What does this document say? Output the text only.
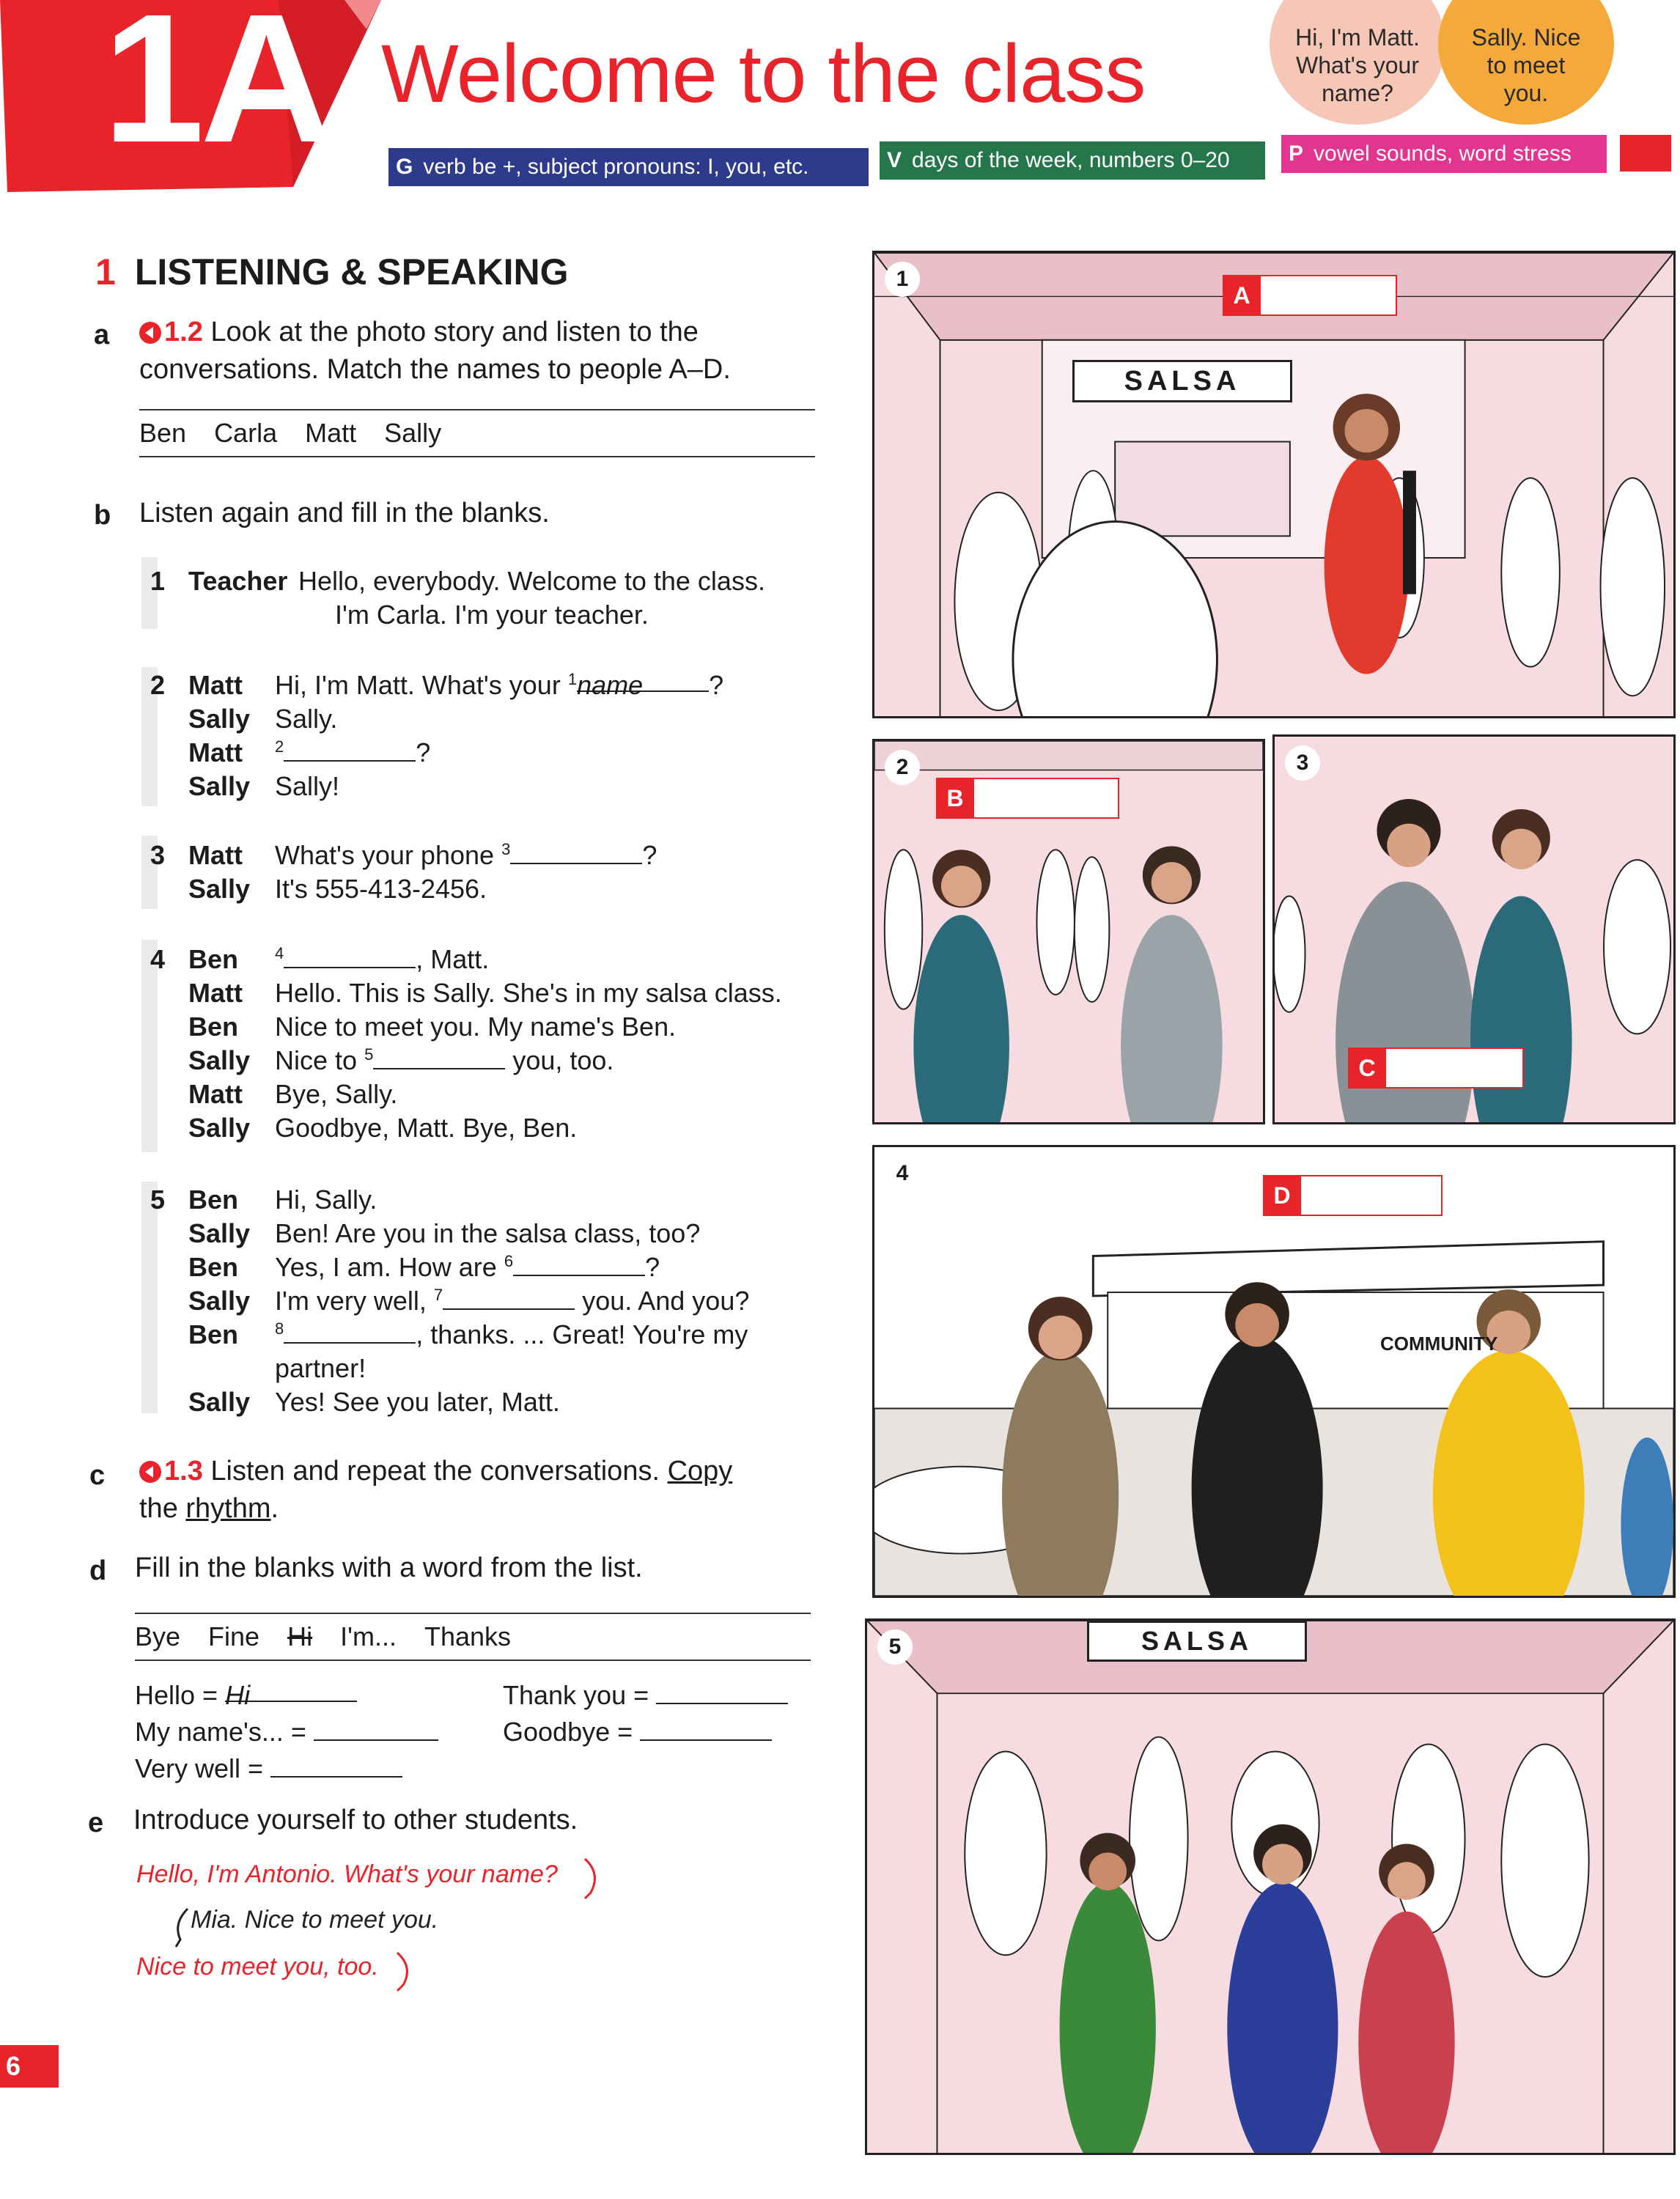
1A Welcome to the class	Hi, I'm Matt. What's your name?
Sally. Nice to meet you.
G verb be +, subject pronouns: I, you, etc.	V days of the week, numbers 0–20	P vowel sounds, word stress
1 LISTENING & SPEAKING
a	1.2 Look at the photo story and listen to the
conversations. Match the names to people A–D.
Ben Carla Matt Sally
b Listen again and fill in the blanks.
1 Teacher Hello, everybody. Welcome to the class.
I'm Carla. I'm your teacher.
2 Matt	Hi, I'm Matt. What's your $^1$name ?
Sally Sally.
Matt	$^2$	?
Sally Sally!
3 Matt	What's your phone $^3$	?
Sally It's 555-413-2456.
4 Ben	$^4$	, Matt.
Matt	Hello. This is Sally. She's in my salsa class.
Ben	Nice to meet you. My name's Ben.
Sally Nice to $^5$	you, too.
Matt	Bye, Sally.
Sally Goodbye, Matt. Bye, Ben.
5 Ben	Hi, Sally.
Sally Ben! Are you in the salsa class, too?
Ben	Yes, I am. How are $^6$	?
Sally I'm very well, $^7$	you. And you?
Ben	$^8$	, thanks. ... Great! You're my
partner!
Sally Yes! See you later, Matt.
c	1.3 Listen and repeat the conversations. Copy
the rhythm.
d Fill in the blanks with a word from the list.
Bye Fine Hi I'm... Thanks
Hello = Hi
My name's... =
Very well =
Thank you =
Goodbye =
e Introduce yourself to other students.
Hello, I'm Antonio. What's your name?
Mia. Nice to meet you.
Nice to meet you, too.
6
1
SALSA
A
2
B
3
C
4
COMMUNITY
D
5	SALSA
